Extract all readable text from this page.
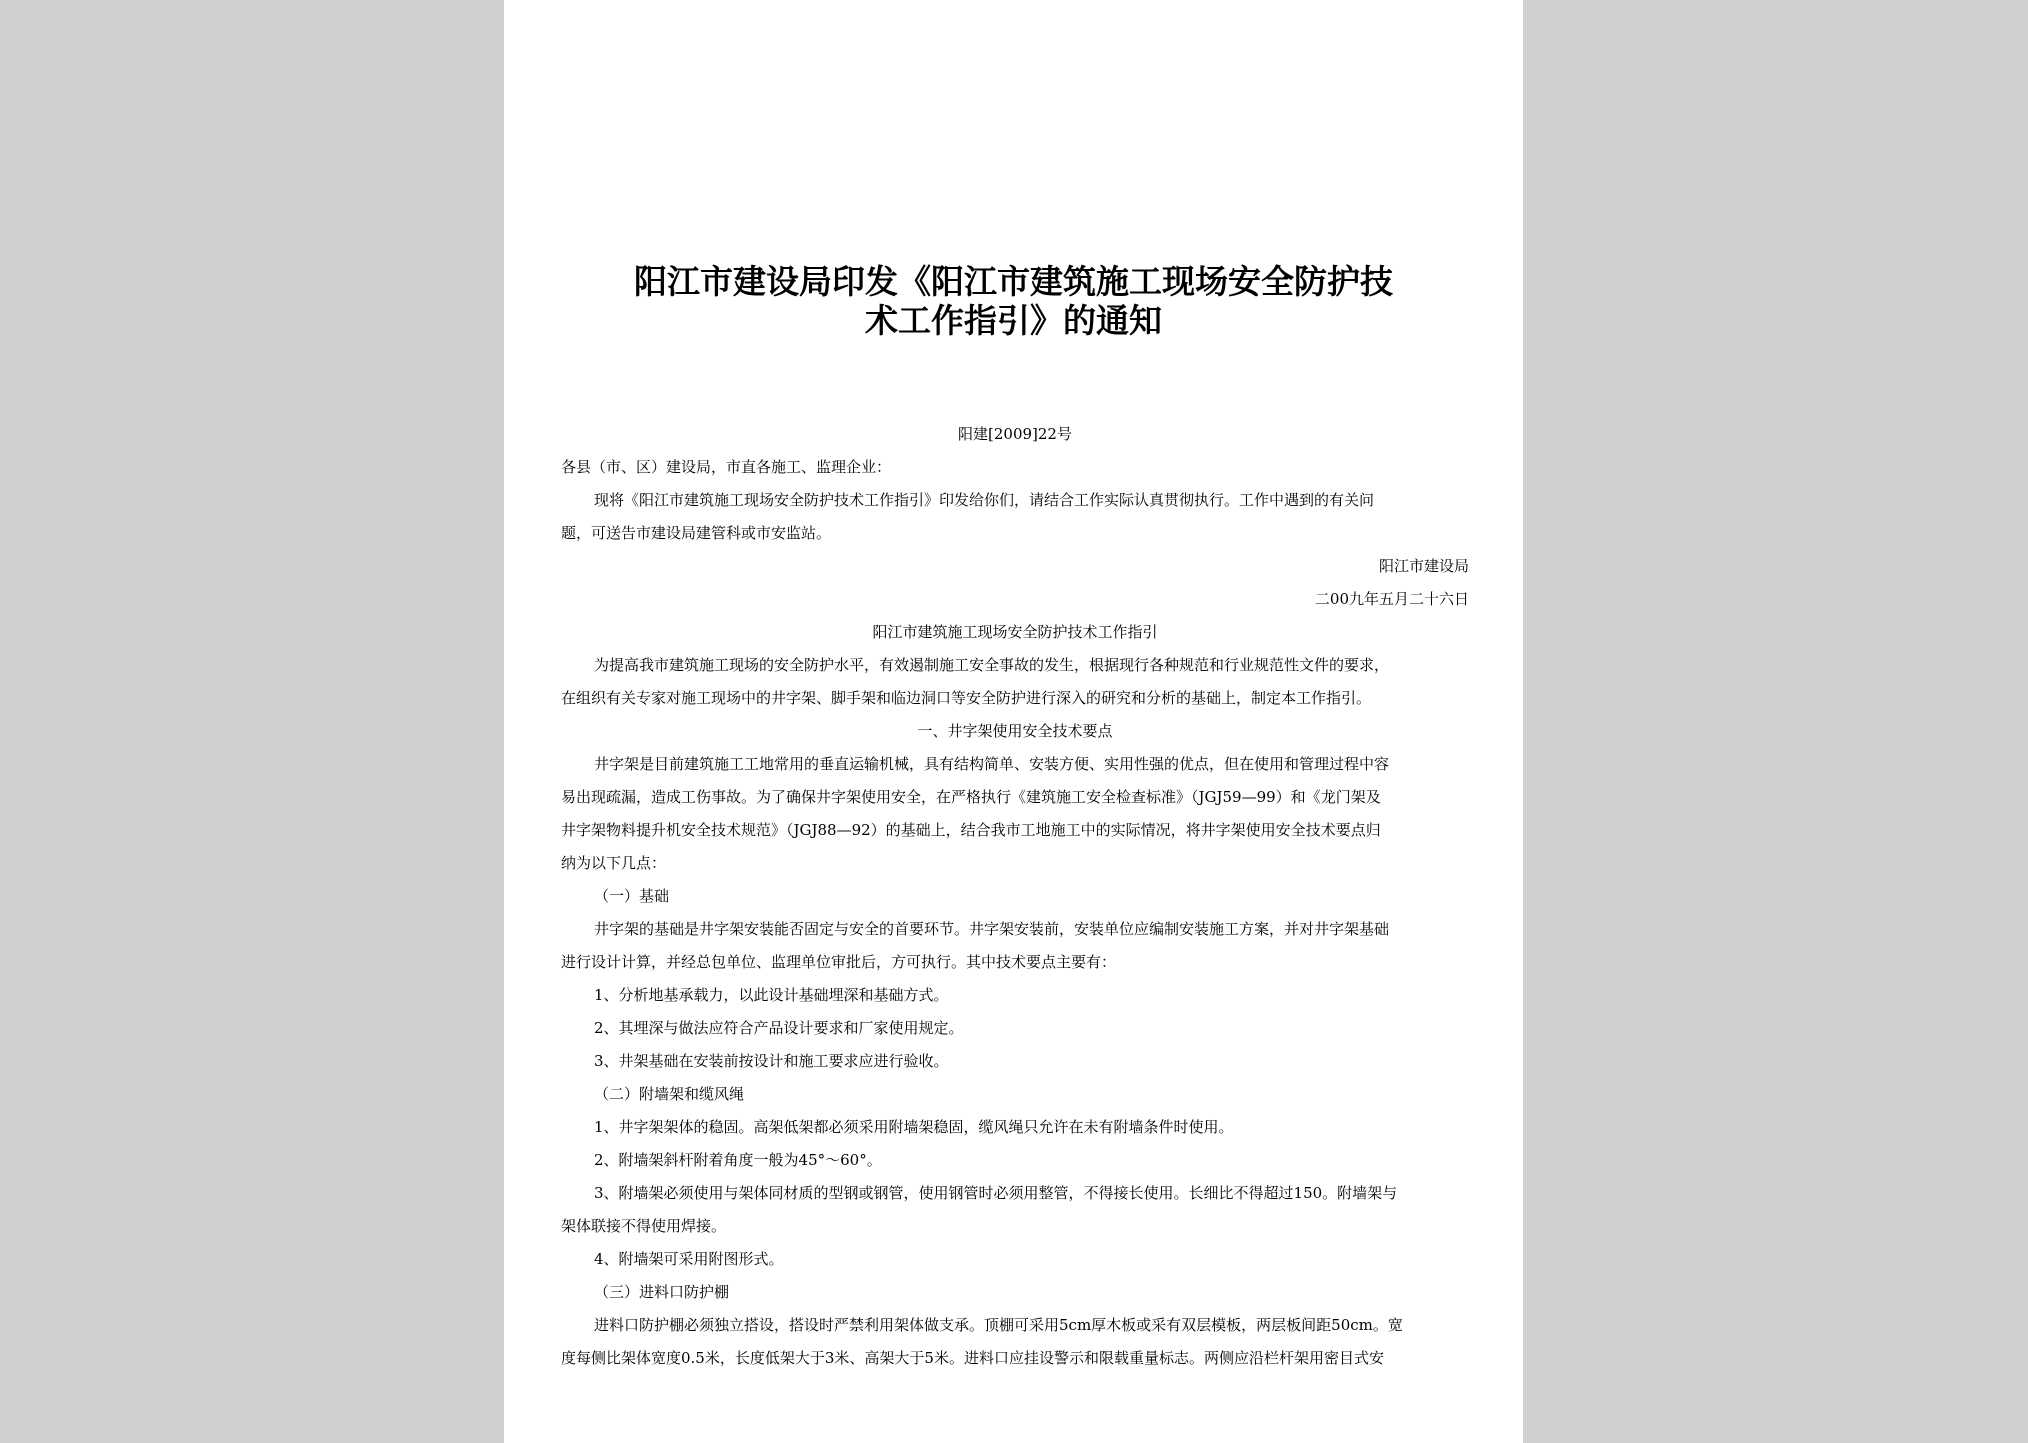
阳江市建设局印发《阳江市建筑施工现场安全防护技
术工作指引》的通知
阳建[2009]22号
各县（市、区）建设局，市直各施工、监理企业：
现将《阳江市建筑施工现场安全防护技术工作指引》印发给你们，请结合工作实际认真贯彻执行。工作中遇到的有关问
题，可送告市建设局建管科或市安监站。
阳江市建设局
二00九年五月二十六日
阳江市建筑施工现场安全防护技术工作指引
为提高我市建筑施工现场的安全防护水平，有效遏制施工安全事故的发生，根据现行各种规范和行业规范性文件的要求，
在组织有关专家对施工现场中的井字架、脚手架和临边洞口等安全防护进行深入的研究和分析的基础上，制定本工作指引。
一、井字架使用安全技术要点
井字架是目前建筑施工工地常用的垂直运输机械，具有结构简单、安装方便、实用性强的优点，但在使用和管理过程中容
易出现疏漏，造成工伤事故。为了确保井字架使用安全，在严格执行《建筑施工安全检查标准》（JGJ59—99）和《龙门架及
井字架物料提升机安全技术规范》（JGJ88—92）的基础上，结合我市工地施工中的实际情况，将井字架使用安全技术要点归
纳为以下几点：
（一）基础
井字架的基础是井字架安装能否固定与安全的首要环节。井字架安装前，安装单位应编制安装施工方案，并对井字架基础
进行设计计算，并经总包单位、监理单位审批后，方可执行。其中技术要点主要有：
1、分析地基承载力，以此设计基础埋深和基础方式。
2、其埋深与做法应符合产品设计要求和厂家使用规定。
3、井架基础在安装前按设计和施工要求应进行验收。
（二）附墙架和缆风绳
1、井字架架体的稳固。高架低架都必须采用附墙架稳固，缆风绳只允许在未有附墙条件时使用。
2、附墙架斜杆附着角度一般为45°～60°。
3、附墙架必须使用与架体同材质的型钢或钢管，使用钢管时必须用整管，不得接长使用。长细比不得超过150。附墙架与
架体联接不得使用焊接。
4、附墙架可采用附图形式。
（三）进料口防护棚
进料口防护棚必须独立搭设，搭设时严禁利用架体做支承。顶棚可采用5cm厚木板或采有双层模板，两层板间距50cm。宽
度每侧比架体宽度0.5米，长度低架大于3米、高架大于5米。进料口应挂设警示和限载重量标志。两侧应沿栏杆架用密目式安
